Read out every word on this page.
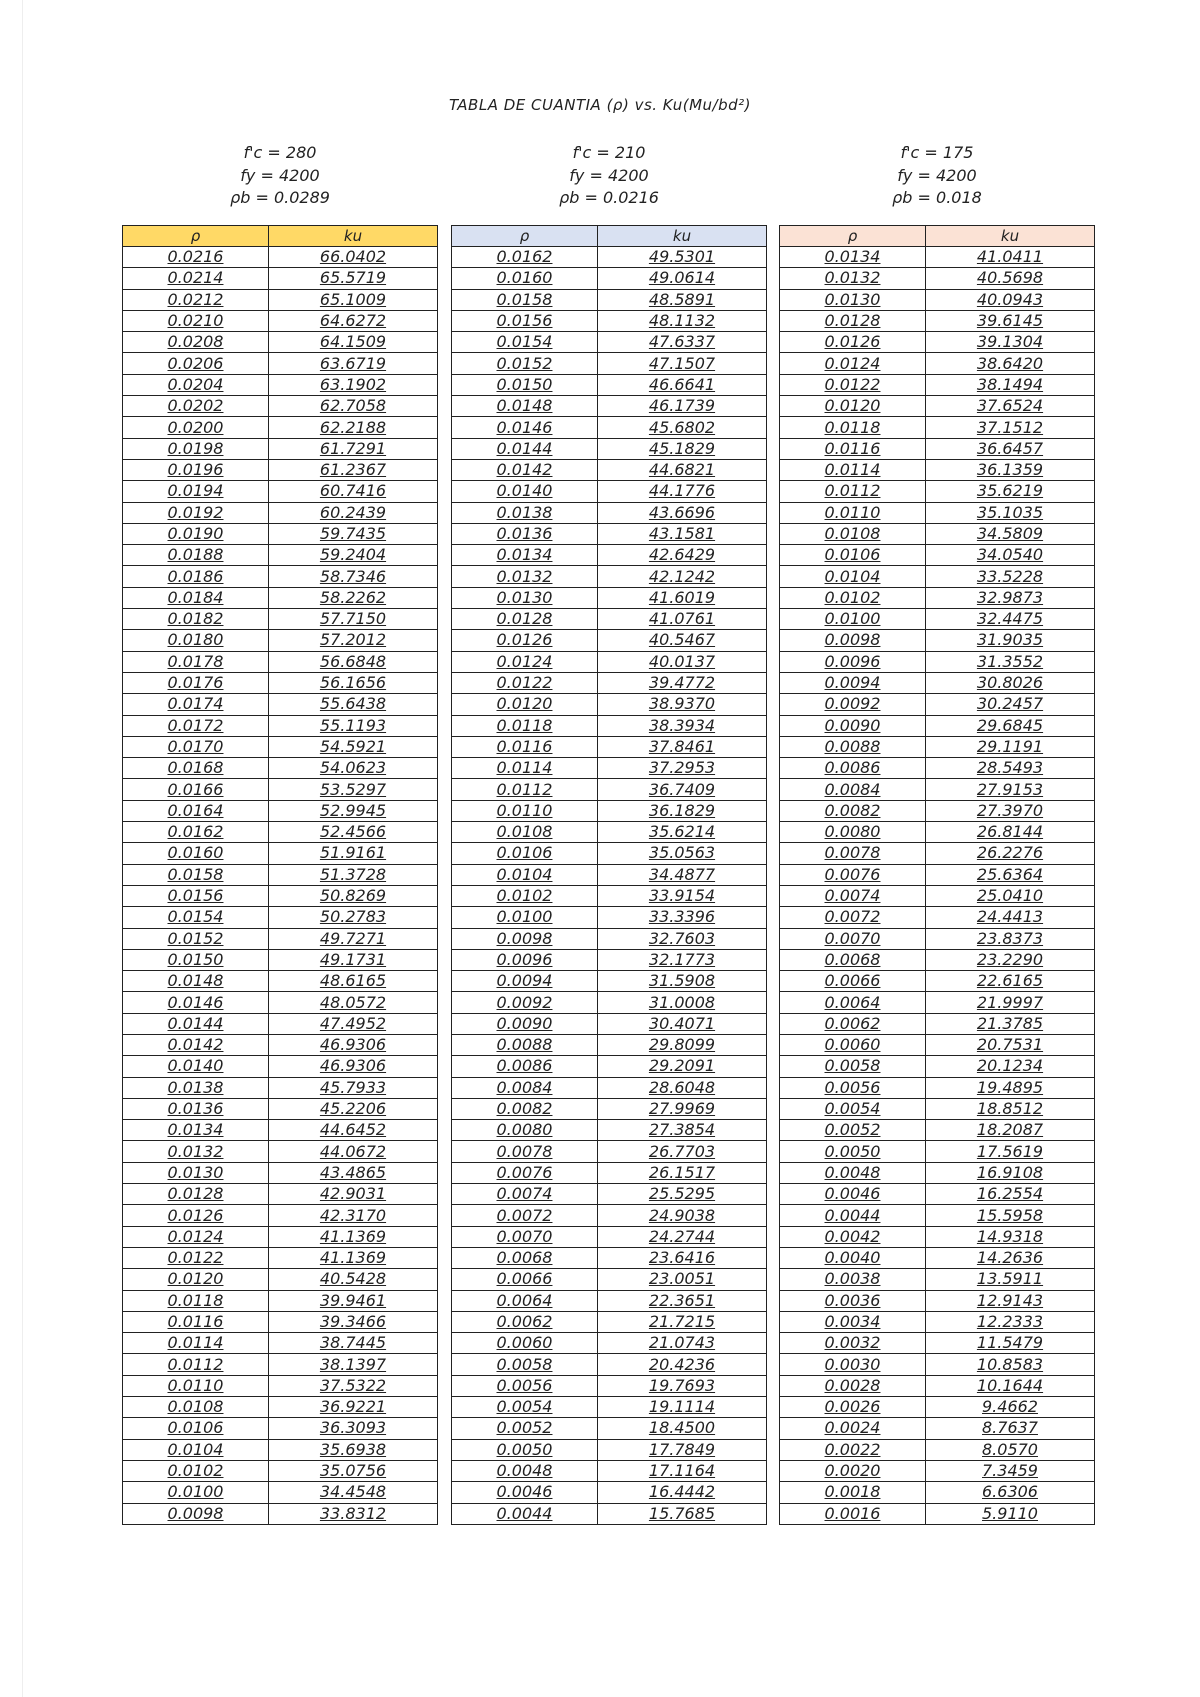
TABLA DE CUANTIA (ρ) vs. Ku(Mu/bd²)
f'c = 280
fy = 4200
ρb = 0.0289
f'c = 210
fy = 4200
ρb = 0.0216
f'c = 175
fy = 4200
ρb = 0.018
ρ	ku
0.0216	66.0402
0.0214	65.5719
0.0212	65.1009
0.0210	64.6272
0.0208	64.1509
0.0206	63.6719
0.0204	63.1902
0.0202	62.7058
0.0200	62.2188
0.0198	61.7291
0.0196	61.2367
0.0194	60.7416
0.0192	60.2439
0.0190	59.7435
0.0188	59.2404
0.0186	58.7346
0.0184	58.2262
0.0182	57.7150
0.0180	57.2012
0.0178	56.6848
0.0176	56.1656
0.0174	55.6438
0.0172	55.1193
0.0170	54.5921
0.0168	54.0623
0.0166	53.5297
0.0164	52.9945
0.0162	52.4566
0.0160	51.9161
0.0158	51.3728
0.0156	50.8269
0.0154	50.2783
0.0152	49.7271
0.0150	49.1731
0.0148	48.6165
0.0146	48.0572
0.0144	47.4952
0.0142	46.9306
0.0140	46.9306
0.0138	45.7933
0.0136	45.2206
0.0134	44.6452
0.0132	44.0672
0.0130	43.4865
0.0128	42.9031
0.0126	42.3170
0.0124	41.1369
0.0122	41.1369
0.0120	40.5428
0.0118	39.9461
0.0116	39.3466
0.0114	38.7445
0.0112	38.1397
0.0110	37.5322
0.0108	36.9221
0.0106	36.3093
0.0104	35.6938
0.0102	35.0756
0.0100	34.4548
0.0098	33.8312
ρ	ku
0.0162	49.5301
0.0160	49.0614
0.0158	48.5891
0.0156	48.1132
0.0154	47.6337
0.0152	47.1507
0.0150	46.6641
0.0148	46.1739
0.0146	45.6802
0.0144	45.1829
0.0142	44.6821
0.0140	44.1776
0.0138	43.6696
0.0136	43.1581
0.0134	42.6429
0.0132	42.1242
0.0130	41.6019
0.0128	41.0761
0.0126	40.5467
0.0124	40.0137
0.0122	39.4772
0.0120	38.9370
0.0118	38.3934
0.0116	37.8461
0.0114	37.2953
0.0112	36.7409
0.0110	36.1829
0.0108	35.6214
0.0106	35.0563
0.0104	34.4877
0.0102	33.9154
0.0100	33.3396
0.0098	32.7603
0.0096	32.1773
0.0094	31.5908
0.0092	31.0008
0.0090	30.4071
0.0088	29.8099
0.0086	29.2091
0.0084	28.6048
0.0082	27.9969
0.0080	27.3854
0.0078	26.7703
0.0076	26.1517
0.0074	25.5295
0.0072	24.9038
0.0070	24.2744
0.0068	23.6416
0.0066	23.0051
0.0064	22.3651
0.0062	21.7215
0.0060	21.0743
0.0058	20.4236
0.0056	19.7693
0.0054	19.1114
0.0052	18.4500
0.0050	17.7849
0.0048	17.1164
0.0046	16.4442
0.0044	15.7685
ρ	ku
0.0134	41.0411
0.0132	40.5698
0.0130	40.0943
0.0128	39.6145
0.0126	39.1304
0.0124	38.6420
0.0122	38.1494
0.0120	37.6524
0.0118	37.1512
0.0116	36.6457
0.0114	36.1359
0.0112	35.6219
0.0110	35.1035
0.0108	34.5809
0.0106	34.0540
0.0104	33.5228
0.0102	32.9873
0.0100	32.4475
0.0098	31.9035
0.0096	31.3552
0.0094	30.8026
0.0092	30.2457
0.0090	29.6845
0.0088	29.1191
0.0086	28.5493
0.0084	27.9153
0.0082	27.3970
0.0080	26.8144
0.0078	26.2276
0.0076	25.6364
0.0074	25.0410
0.0072	24.4413
0.0070	23.8373
0.0068	23.2290
0.0066	22.6165
0.0064	21.9997
0.0062	21.3785
0.0060	20.7531
0.0058	20.1234
0.0056	19.4895
0.0054	18.8512
0.0052	18.2087
0.0050	17.5619
0.0048	16.9108
0.0046	16.2554
0.0044	15.5958
0.0042	14.9318
0.0040	14.2636
0.0038	13.5911
0.0036	12.9143
0.0034	12.2333
0.0032	11.5479
0.0030	10.8583
0.0028	10.1644
0.0026	9.4662
0.0024	8.7637
0.0022	8.0570
0.0020	7.3459
0.0018	6.6306
0.0016	5.9110
